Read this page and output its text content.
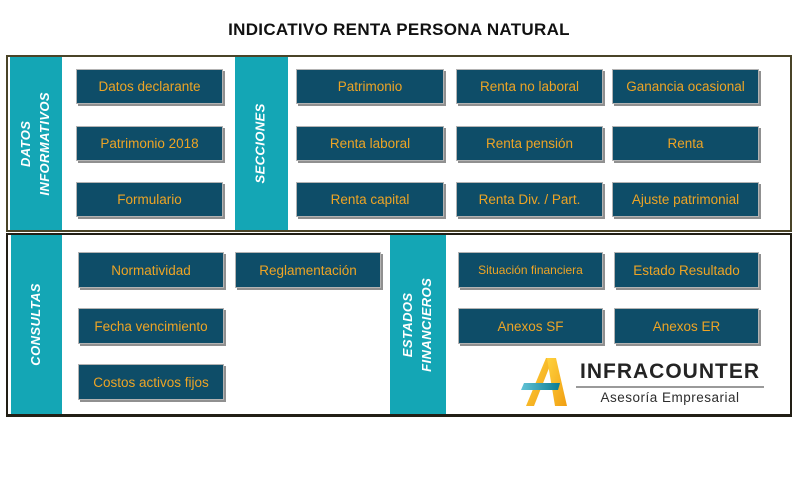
INDICATIVO RENTA PERSONA NATURAL
DATOS INFORMATIVOS
Datos declarante
Patrimonio 2018
Formulario
SECCIONES
Patrimonio	Renta no laboral	Ganancia ocasional
Renta laboral	Renta pensión	Renta
Renta capital	Renta Div. / Part.	Ajuste patrimonial
CONSULTAS
Normatividad	Reglamentación
Fecha vencimiento
Costos activos fijos
ESTADOS FINANCIEROS
Situación financiera	Estado Resultado
Anexos SF	Anexos ER
INFRACOUNTER
Asesoría Empresarial
